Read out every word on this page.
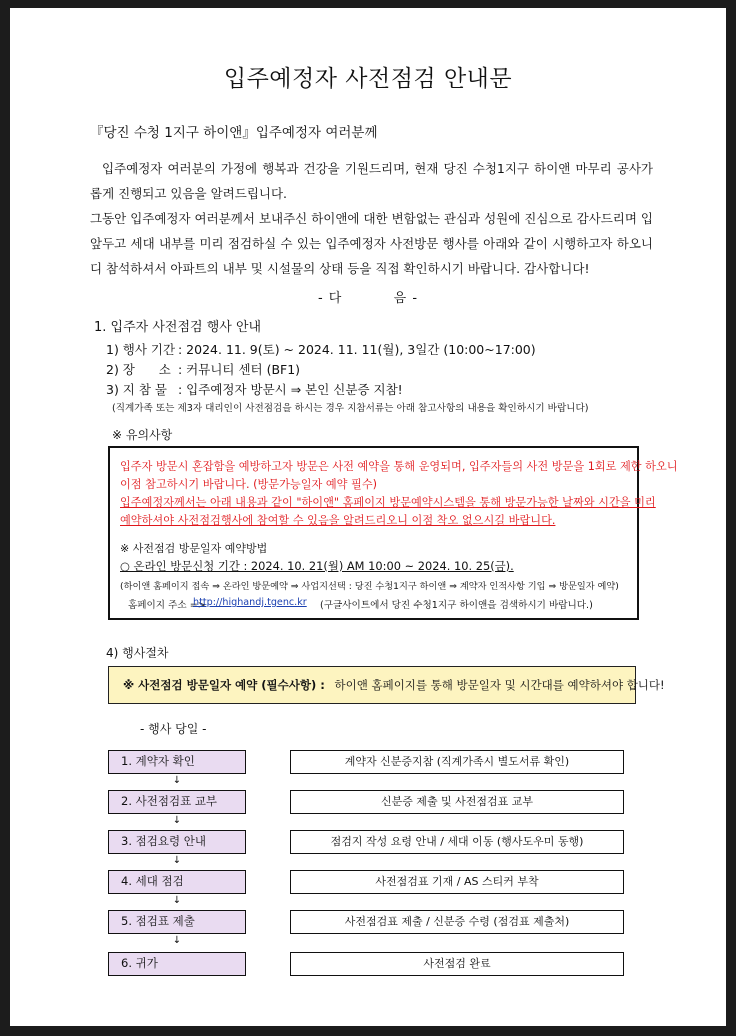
입주예정자 사전점검 안내문
『당진 수청 1지구 하이앤』입주예정자 여러분께
입주예정자 여러분의 가정에 행복과 건강을 기원드리며, 현재 당진 수청1지구 하이앤 마무리 공사가
롭게 진행되고 있음을 알려드립니다.
그동안 입주예정자 여러분께서 보내주신 하이앤에 대한 변함없는 관심과 성원에 진심으로 감사드리며 입
앞두고 세대 내부를 미리 점검하실 수 있는 입주예정자 사전방문 행사를 아래와 같이 시행하고자 하오니
디 참석하셔서 아파트의 내부 및 시설물의 상태 등을 직접 확인하시기 바랍니다. 감사합니다!
- 다          음 -
1. 입주자 사전점검 행사 안내
1) 행사 기간 : 2024. 11. 9(토) ~ 2024. 11. 11(월), 3일간 (10:00~17:00)
2) 장      소 : 커뮤니티 센터 (BF1)
3) 지 참 물 : 입주예정자 방문시 ⇒ 본인 신분증 지참!
(직계가족 또는 제3자 대리인이 사전점검을 하시는 경우 지참서류는 아래 참고사항의 내용을 확인하시기 바랍니다)
※ 유의사항
입주자 방문시 혼잡함을 예방하고자 방문은 사전 예약을 통해 운영되며, 입주자들의 사전 방문을 1회로 제한 하오니
이점 참고하시기 바랍니다. (방문가능일자 예약 필수)
입주예정자께서는 아래 내용과 같이 "하이앤" 홈페이지 방문예약시스템을 통해 방문가능한 날짜와 시간을 미리
예약하셔야 사전점검행사에 참여할 수 있음을 알려드리오니 이점 착오 없으시길 바랍니다.
※ 사전점검 방문일자 예약방법
○ 온라인 방문신청 기간 : 2024. 10. 21(월) AM 10:00 ~ 2024. 10. 25(금).
(하이앤 홈페이지 접속 ⇒ 온라인 방문예약 ⇒ 사업지선택 : 당진 수청1지구 하이앤 ⇒ 계약자 인적사항 기입 ⇒ 방문일자 예약)
홈페이지 주소 =>
http://highandj.tgenc.kr (구글사이트에서 당진 수청1지구 하이앤을 검색하시기 바랍니다.)
4) 행사절차
※ 사전점검 방문일자 예약 (필수사항) : 하이앤 홈페이지를 통해 방문일자 및 시간대를 예약하셔야 합니다!
- 행사 당일 -
1. 계약자 확인	계약자 신분증지참 (직계가족시 별도서류 확인)
↓
2. 사전점검표 교부	신분증 제출 및 사전점검표 교부
↓
3. 점검요령 안내	점검지 작성 요령 안내 / 세대 이동 (행사도우미 동행)
↓
4. 세대 점검	사전점검표 기재 / AS 스티커 부착
↓
5. 점검표 제출	사전점검표 제출 / 신분증 수령 (점검표 제출처)
↓
6. 귀가	사전점검 완료
